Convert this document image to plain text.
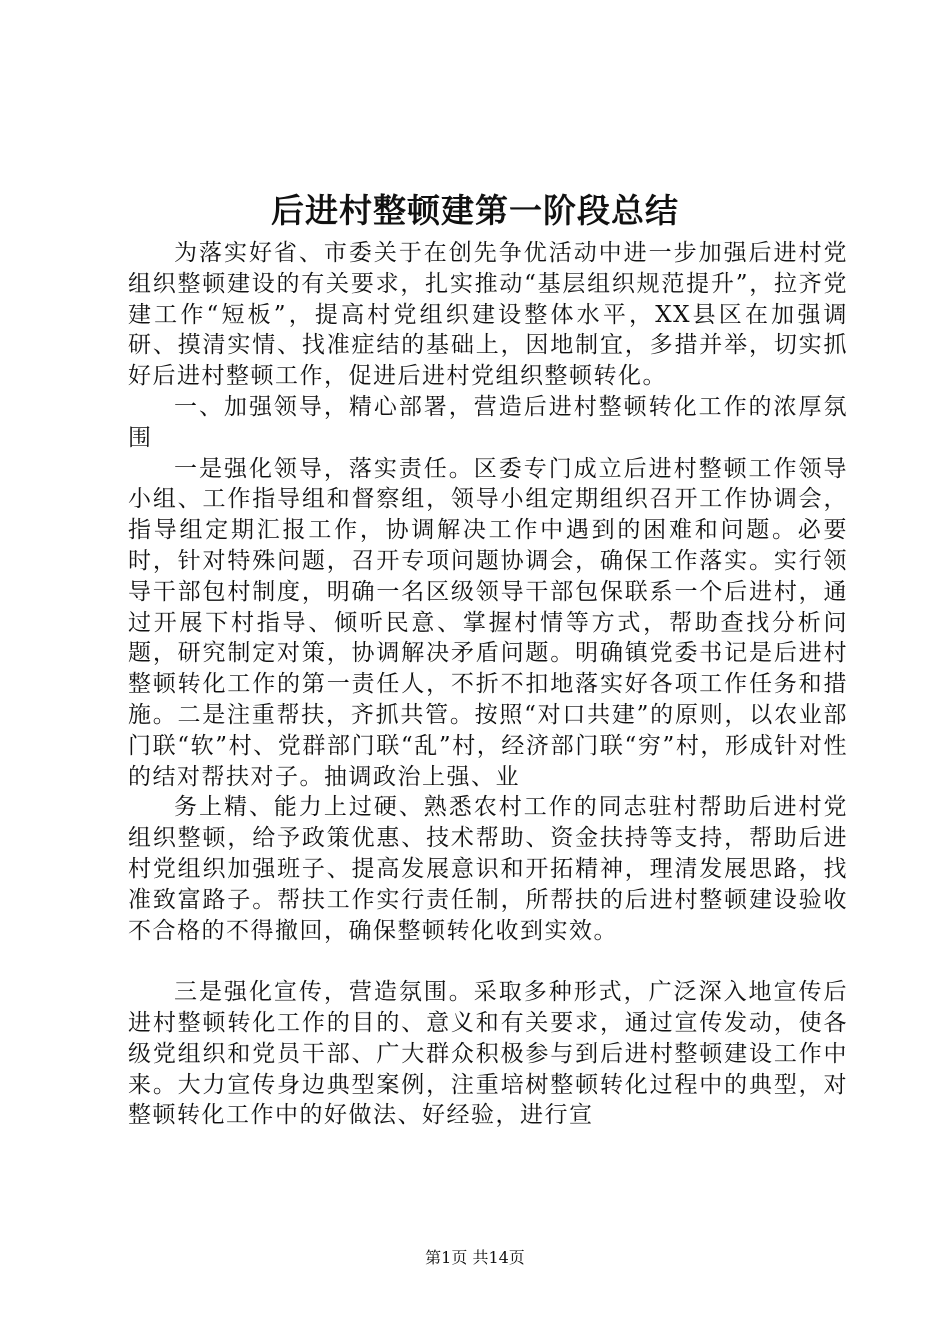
后进村整顿建第一阶段总结

为落实好省、市委关于在创先争优活动中进一步加强后进村党组织整顿建设的有关要求，扎实推动“基层组织规范提升”，拉齐党建工作“短板”，提高村党组织建设整体水平，XX县区在加强调研、摸清实情、找准症结的基础上，因地制宜，多措并举，切实抓好后进村整顿工作，促进后进村党组织整顿转化。

一、加强领导，精心部署，营造后进村整顿转化工作的浓厚氛围

一是强化领导，落实责任。区委专门成立后进村整顿工作领导小组、工作指导组和督察组，领导小组定期组织召开工作协调会，指导组定期汇报工作，协调解决工作中遇到的困难和问题。必要时，针对特殊问题，召开专项问题协调会，确保工作落实。实行领导干部包村制度，明确一名区级领导干部包保联系一个后进村，通过开展下村指导、倾听民意、掌握村情等方式，帮助查找分析问题，研究制定对策，协调解决矛盾问题。明确镇党委书记是后进村整顿转化工作的第一责任人，不折不扣地落实好各项工作任务和措施。二是注重帮扶，齐抓共管。按照“对口共建”的原则，以农业部门联“软”村、党群部门联“乱”村，经济部门联“穷”村，形成针对性的结对帮扶对子。抽调政治上强、业

务上精、能力上过硬、熟悉农村工作的同志驻村帮助后进村党组织整顿，给予政策优惠、技术帮助、资金扶持等支持，帮助后进村党组织加强班子、提高发展意识和开拓精神，理清发展思路，找准致富路子。帮扶工作实行责任制，所帮扶的后进村整顿建设验收不合格的不得撤回，确保整顿转化收到实效。

三是强化宣传，营造氛围。采取多种形式，广泛深入地宣传后进村整顿转化工作的目的、意义和有关要求，通过宣传发动，使各级党组织和党员干部、广大群众积极参与到后进村整顿建设工作中来。大力宣传身边典型案例，注重培树整顿转化过程中的典型，对整顿转化工作中的好做法、好经验，进行宣

第1页 共14页
